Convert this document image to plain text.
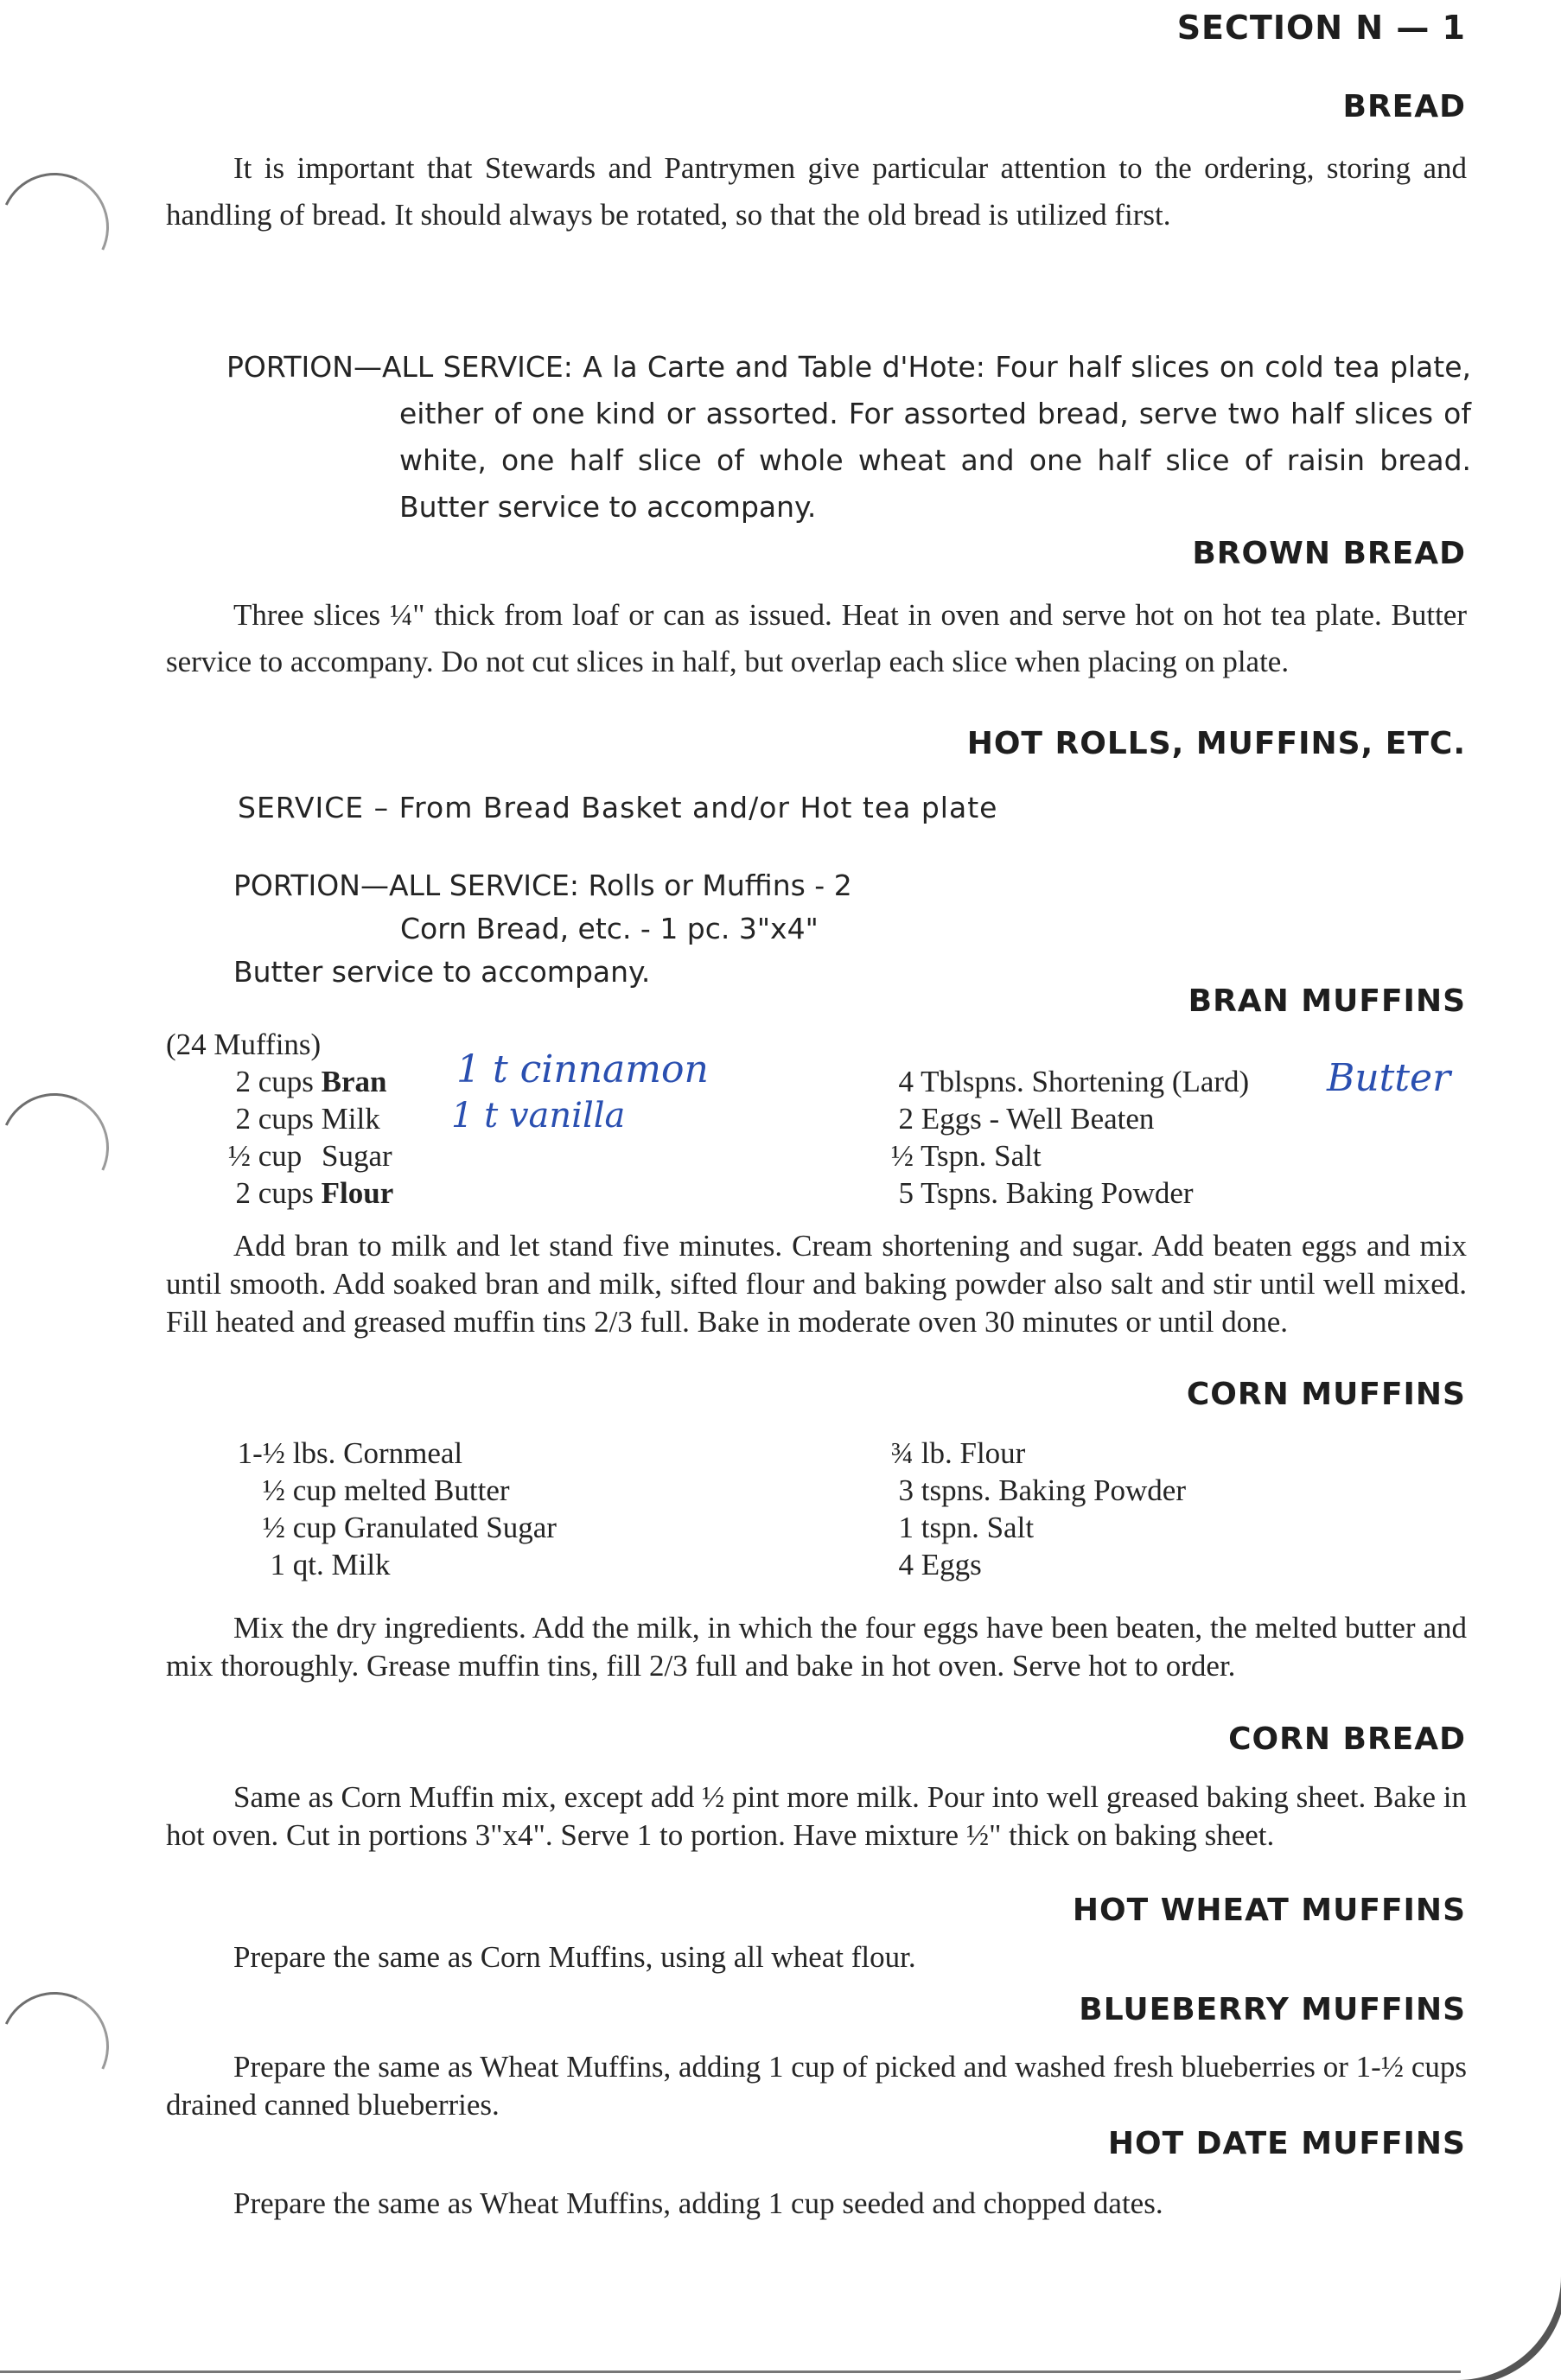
SECTION N — 1
BREAD
It is important that Stewards and Pantrymen give particular attention to the ordering, storing and handling of bread. It should always be rotated, so that the old bread is utilized first.
PORTION—ALL SERVICE: A la Carte and Table d'Hote: Four half slices on cold tea plate, either of one kind or assorted. For assorted bread, serve two half slices of white, one half slice of whole wheat and one half slice of raisin bread. Butter service to accompany.
BROWN BREAD
Three slices ¼" thick from loaf or can as issued. Heat in oven and serve hot on hot tea plate. Butter service to accompany. Do not cut slices in half, but overlap each slice when placing on plate.
HOT ROLLS, MUFFINS, ETC.
SERVICE – From Bread Basket and/or Hot tea plate
PORTION—ALL SERVICE: Rolls or Muffins - 2
Corn Bread, etc. - 1 pc. 3"x4"
Butter service to accompany.
BRAN MUFFINS
(24 Muffins)
2 cups Bran
2 cups Milk
½ cup Sugar
2 cups Flour
1 t cinnamon
1 t vanilla
4 Tblspns. Shortening (Lard)
2 Eggs - Well Beaten
½ Tspn. Salt
5 Tspns. Baking Powder
Butter
Add bran to milk and let stand five minutes. Cream shortening and sugar. Add beaten eggs and mix until smooth. Add soaked bran and milk, sifted flour and baking powder also salt and stir until well mixed. Fill heated and greased muffin tins 2/3 full. Bake in moderate oven 30 minutes or until done.
CORN MUFFINS
1-½ lbs. Cornmeal
½ cup melted Butter
½ cup Granulated Sugar
1 qt. Milk
¾ lb. Flour
3 tspns. Baking Powder
1 tspn. Salt
4 Eggs
Mix the dry ingredients. Add the milk, in which the four eggs have been beaten, the melted butter and mix thoroughly. Grease muffin tins, fill 2/3 full and bake in hot oven. Serve hot to order.
CORN BREAD
Same as Corn Muffin mix, except add ½ pint more milk. Pour into well greased baking sheet. Bake in hot oven. Cut in portions 3"x4". Serve 1 to portion. Have mixture ½" thick on baking sheet.
HOT WHEAT MUFFINS
Prepare the same as Corn Muffins, using all wheat flour.
BLUEBERRY MUFFINS
Prepare the same as Wheat Muffins, adding 1 cup of picked and washed fresh blueberries or 1-½ cups drained canned blueberries.
HOT DATE MUFFINS
Prepare the same as Wheat Muffins, adding 1 cup seeded and chopped dates.
